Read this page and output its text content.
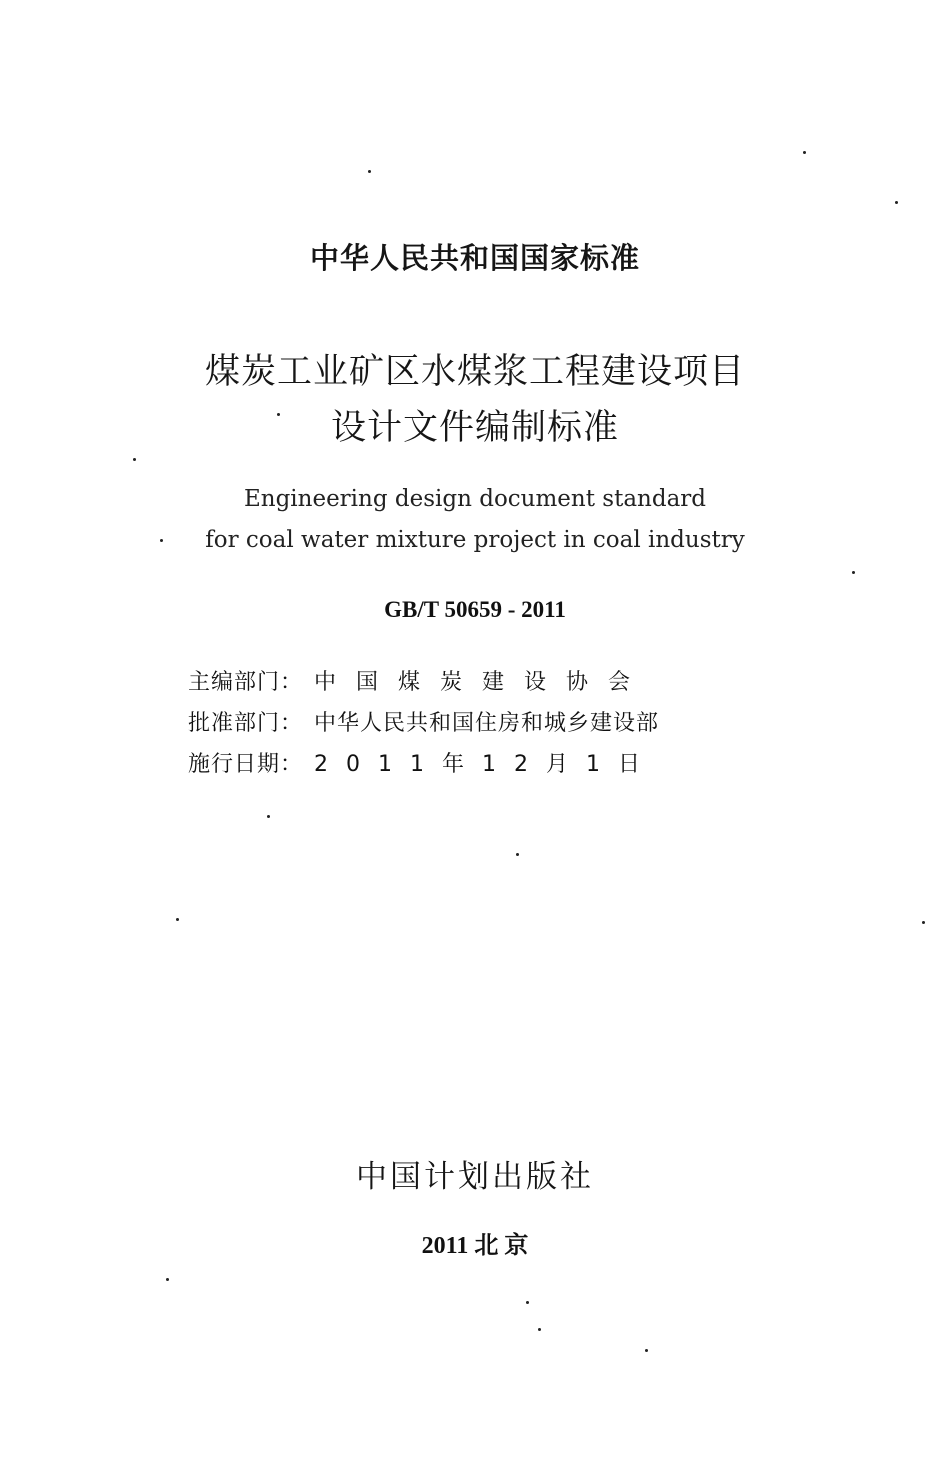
中华人民共和国国家标准
煤炭工业矿区水煤浆工程建设项目
设计文件编制标准
Engineering design document standard
for coal water mixture project in coal industry
GB/T 50659 - 2011
主编部门： 中国煤炭建设协会
批准部门： 中华人民共和国住房和城乡建设部
施行日期： 2011年12月1日
中国计划出版社
2011 北 京
